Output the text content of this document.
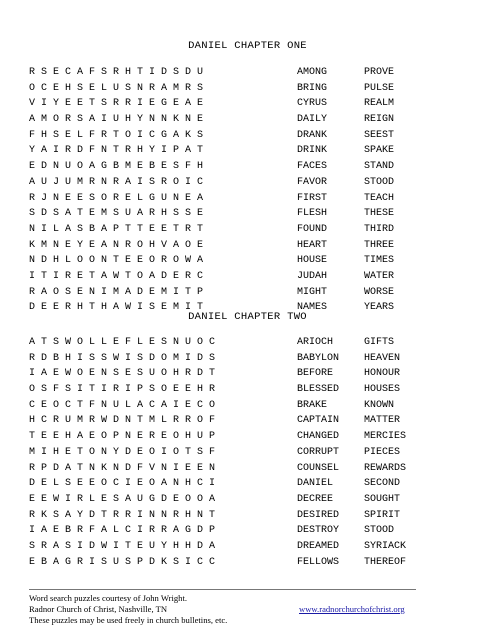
DANIEL CHAPTER ONE
R S E C A F S R H T I D S D U
O C E H S E L U S N R A M R S
V I Y E E T S R R I E G E A E
A M O R S A I U H Y N N K N E
F H S E L F R T O I C G A K S
Y A I R D F N T R H Y I P A T
E D N U O A G B M E B E S F H
A U J U M R N R A I S R O I C
R J N E E S O R E L G U N E A
S D S A T E M S U A R H S S E
N I L A S B A P T T E E T R T
K M N E Y E A N R O H V A O E
N D H L O O N T E E O R O W A
I T I R E T A W T O A D E R C
R A O S E N I M A D E M I T P
D E E R H T H A W I S E M I T
AMONG	PROVE
BRING	PULSE
CYRUS	REALM
DAILY	REIGN
DRANK	SEEST
DRINK	SPAKE
FACES	STAND
FAVOR	STOOD
FIRST	TEACH
FLESH	THESE
FOUND	THIRD
HEART	THREE
HOUSE	TIMES
JUDAH	WATER
MIGHT	WORSE
NAMES	YEARS
DANIEL CHAPTER TWO
A T S W O L L E F L E S N U O C
R D B H I S S W I S D O M I D S
I A E W O E N S E S U O H R D T
O S F S I T I R I P S O E E H R
C E O C T F N U L A C A I E C O
H C R U M R W D N T M L R R O F
T E E H A E O P N E R E O H U P
M I H E T O N Y D E O I O T S F
R P D A T N K N D F V N I E E N
D E L S E E O C I E O A N H C I
E E W I R L E S A U G D E O O A
R K S A Y D T R R I N N R H N T
I A E B R F A L C I R R A G D P
S R A S I D W I T E U Y H H D A
E B A G R I S U S P D K S I C C
ARIOCH	GIFTS
BABYLON	HEAVEN
BEFORE	HONOUR
BLESSED	HOUSES
BRAKE	KNOWN
CAPTAIN	MATTER
CHANGED	MERCIES
CORRUPT	PIECES
COUNSEL	REWARDS
DANIEL	SECOND
DECREE	SOUGHT
DESIRED	SPIRIT
DESTROY	STOOD
DREAMED	SYRIACK
FELLOWS	THEREOF
Word search puzzles courtesy of John Wright.
Radnor Church of Christ, Nashville, TN	www.radnorchurchofchrist.org
These puzzles may be used freely in church bulletins, etc.
